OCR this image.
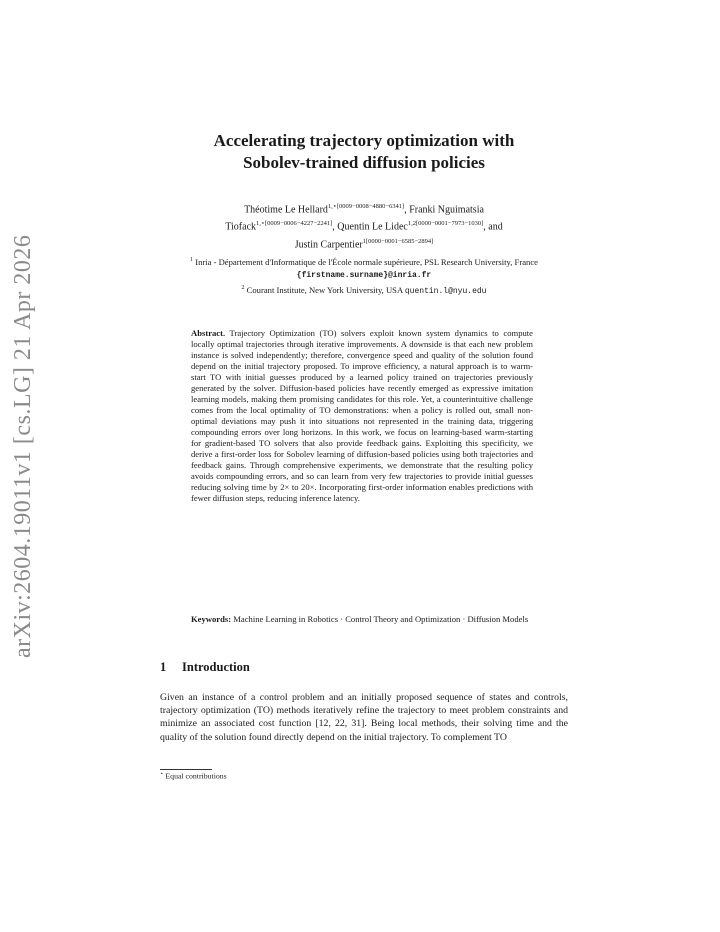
arXiv:2604.19011v1 [cs.LG] 21 Apr 2026
Accelerating trajectory optimization with
Sobolev-trained diffusion policies
Théotime Le Hellard$^{1,⋆[0009-0008-4880-6341]}$, Franki Nguimatsia
Tiofack$^{1,⋆[0009-0006-4227-2241]}$, Quentin Le Lidec$^{1,2[0000-0001-7973-1030]}$, and
Justin Carpentier$^{1[0000-0001-6585-2894]}$
$^1$ Inria - Département d'Informatique de l'École normale supérieure, PSL Research University, France {firstname.surname}@inria.fr
$^2$ Courant Institute, New York University, USA quentin.l@nyu.edu
Abstract. Trajectory Optimization (TO) solvers exploit known system dynamics to compute locally optimal trajectories through iterative improvements. A downside is that each new problem instance is solved independently; therefore, convergence speed and quality of the solution found depend on the initial trajectory proposed. To improve efficiency, a natural approach is to warm-start TO with initial guesses produced by a learned policy trained on trajectories previously generated by the solver. Diffusion-based policies have recently emerged as expressive imitation learning models, making them promising candidates for this role. Yet, a counterintuitive challenge comes from the local optimality of TO demonstrations: when a policy is rolled out, small non-optimal deviations may push it into situations not represented in the training data, triggering compounding errors over long horizons. In this work, we focus on learning-based warm-starting for gradient-based TO solvers that also provide feedback gains. Exploiting this specificity, we derive a first-order loss for Sobolev learning of diffusion-based policies using both trajectories and feedback gains. Through comprehensive experiments, we demonstrate that the resulting policy avoids compounding errors, and so can learn from very few trajectories to provide initial guesses reducing solving time by 2× to 20×. Incorporating first-order information enables predictions with fewer diffusion steps, reducing inference latency.
Keywords: Machine Learning in Robotics · Control Theory and Optimization · Diffusion Models
1 Introduction
Given an instance of a control problem and an initially proposed sequence of states and controls, trajectory optimization (TO) methods iteratively refine the trajectory to meet problem constraints and minimize an associated cost function [12, 22, 31]. Being local methods, their solving time and the quality of the solution found directly depend on the initial trajectory. To complement TO
⋆ Equal contributions
